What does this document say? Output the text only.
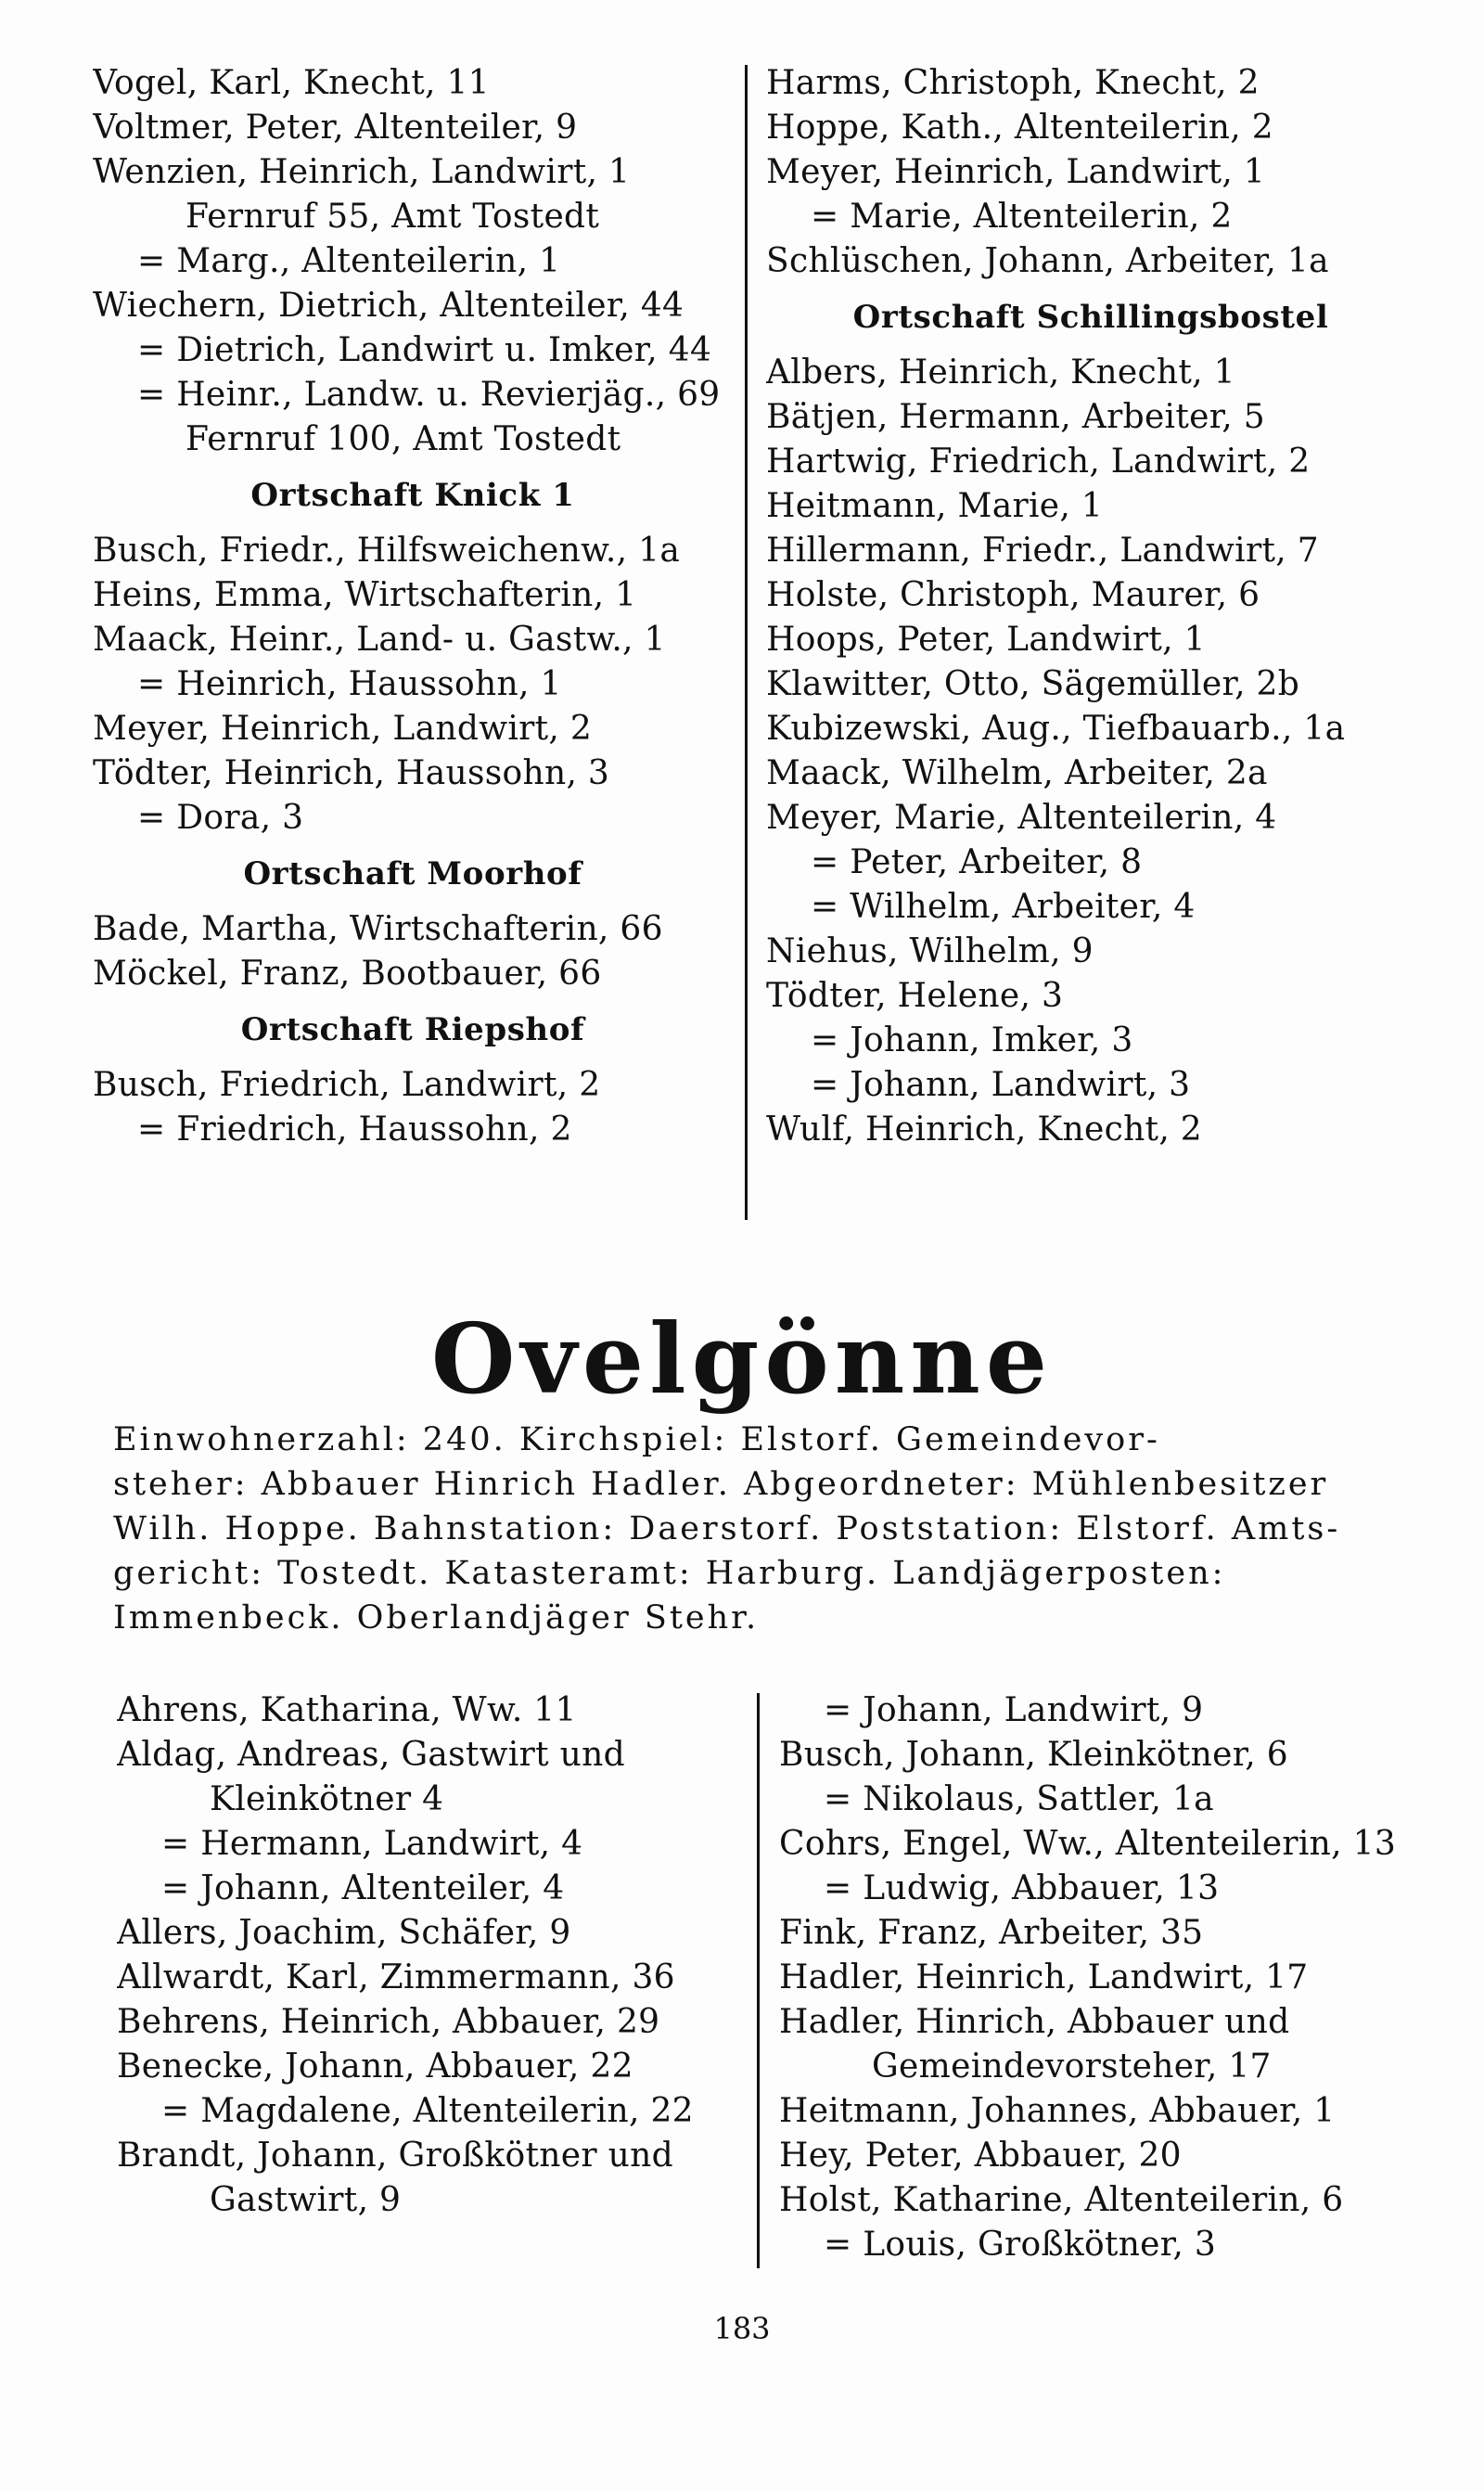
Vogel, Karl, Knecht, 11
Voltmer, Peter, Altenteiler, 9
Wenzien, Heinrich, Landwirt, 1
Fernruf 55, Amt Tostedt
= Marg., Altenteilerin, 1
Wiechern, Dietrich, Altenteiler, 44
= Dietrich, Landwirt u. Imker, 44
= Heinr., Landw. u. Revierjäg., 69
Fernruf 100, Amt Tostedt
Ortschaft Knick 1
Busch, Friedr., Hilfsweichenw., 1a
Heins, Emma, Wirtschafterin, 1
Maack, Heinr., Land- u. Gastw., 1
= Heinrich, Haussohn, 1
Meyer, Heinrich, Landwirt, 2
Tödter, Heinrich, Haussohn, 3
= Dora, 3
Ortschaft Moorhof
Bade, Martha, Wirtschafterin, 66
Möckel, Franz, Bootbauer, 66
Ortschaft Riepshof
Busch, Friedrich, Landwirt, 2
= Friedrich, Haussohn, 2
Harms, Christoph, Knecht, 2
Hoppe, Kath., Altenteilerin, 2
Meyer, Heinrich, Landwirt, 1
= Marie, Altenteilerin, 2
Schlüschen, Johann, Arbeiter, 1a
Ortschaft Schillingsbostel
Albers, Heinrich, Knecht, 1
Bätjen, Hermann, Arbeiter, 5
Hartwig, Friedrich, Landwirt, 2
Heitmann, Marie, 1
Hillermann, Friedr., Landwirt, 7
Holste, Christoph, Maurer, 6
Hoops, Peter, Landwirt, 1
Klawitter, Otto, Sägemüller, 2b
Kubizewski, Aug., Tiefbauarb., 1a
Maack, Wilhelm, Arbeiter, 2a
Meyer, Marie, Altenteilerin, 4
= Peter, Arbeiter, 8
= Wilhelm, Arbeiter, 4
Niehus, Wilhelm, 9
Tödter, Helene, 3
= Johann, Imker, 3
= Johann, Landwirt, 3
Wulf, Heinrich, Knecht, 2
Ovelgönne
Einwohnerzahl: 240. Kirchspiel: Elstorf. Gemeindevor-
steher: Abbauer Hinrich Hadler. Abgeordneter: Mühlenbesitzer
Wilh. Hoppe. Bahnstation: Daerstorf. Poststation: Elstorf. Amts-
gericht: Tostedt. Katasteramt: Harburg. Landjägerposten:
Immenbeck. Oberlandjäger Stehr.
Ahrens, Katharina, Ww. 11
Aldag, Andreas, Gastwirt und
Kleinkötner 4
= Hermann, Landwirt, 4
= Johann, Altenteiler, 4
Allers, Joachim, Schäfer, 9
Allwardt, Karl, Zimmermann, 36
Behrens, Heinrich, Abbauer, 29
Benecke, Johann, Abbauer, 22
= Magdalene, Altenteilerin, 22
Brandt, Johann, Großkötner und
Gastwirt, 9
= Johann, Landwirt, 9
Busch, Johann, Kleinkötner, 6
= Nikolaus, Sattler, 1a
Cohrs, Engel, Ww., Altenteilerin, 13
= Ludwig, Abbauer, 13
Fink, Franz, Arbeiter, 35
Hadler, Heinrich, Landwirt, 17
Hadler, Hinrich, Abbauer und
Gemeindevorsteher, 17
Heitmann, Johannes, Abbauer, 1
Hey, Peter, Abbauer, 20
Holst, Katharine, Altenteilerin, 6
= Louis, Großkötner, 3
183
